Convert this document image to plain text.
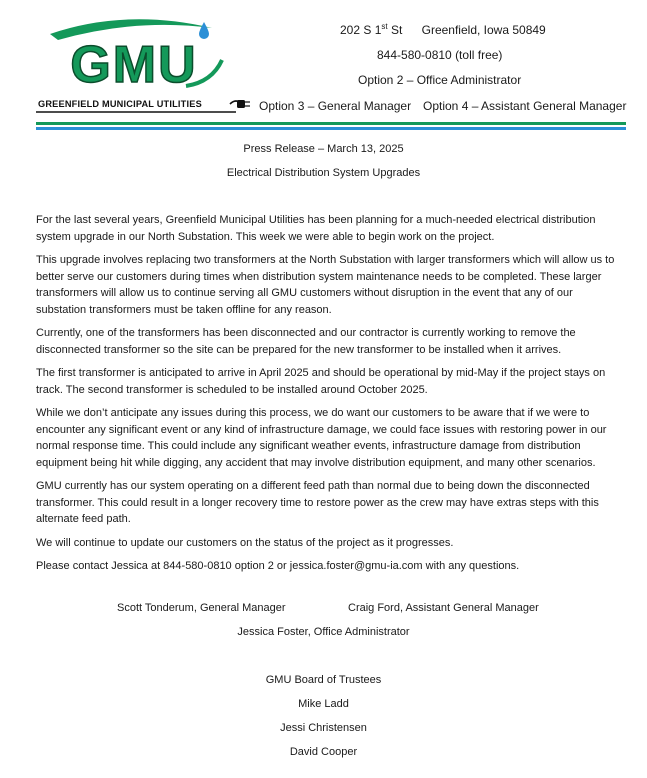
GMU
GREENFIELD MUNICIPAL UTILITIES
202 S 1st St Greenfield, Iowa 50849
844-580-0810 (toll free)
Option 2 – Office Administrator
Option 3 – General Manager Option 4 – Assistant General Manager
Press Release – March 13, 2025
Electrical Distribution System Upgrades

For the last several years, Greenfield Municipal Utilities has been planning for a much-needed electrical distribution system upgrade in our North Substation. This week we were able to begin work on the project.

This upgrade involves replacing two transformers at the North Substation with larger transformers which will allow us to better serve our customers during times when distribution system maintenance needs to be completed. These larger transformers will allow us to continue serving all GMU customers without disruption in the event that any of our substation transformers must be taken offline for any reason.

Currently, one of the transformers has been disconnected and our contractor is currently working to remove the disconnected transformer so the site can be prepared for the new transformer to be installed when it arrives.

The first transformer is anticipated to arrive in April 2025 and should be operational by mid-May if the project stays on track. The second transformer is scheduled to be installed around October 2025.

While we don’t anticipate any issues during this process, we do want our customers to be aware that if we were to encounter any significant event or any kind of infrastructure damage, we could face issues with restoring power in our normal response time. This could include any significant weather events, infrastructure damage from distribution equipment being hit while digging, any accident that may involve distribution equipment, and many other scenarios.

GMU currently has our system operating on a different feed path than normal due to being down the disconnected transformer. This could result in a longer recovery time to restore power as the crew may have extras steps with this alternate feed path.

We will continue to update our customers on the status of the project as it progresses.

Please contact Jessica at 844-580-0810 option 2 or jessica.foster@gmu-ia.com with any questions.

Scott Tonderum, General Manager	Craig Ford, Assistant General Manager
Jessica Foster, Office Administrator
GMU Board of Trustees
Mike Ladd
Jessi Christensen
David Cooper
